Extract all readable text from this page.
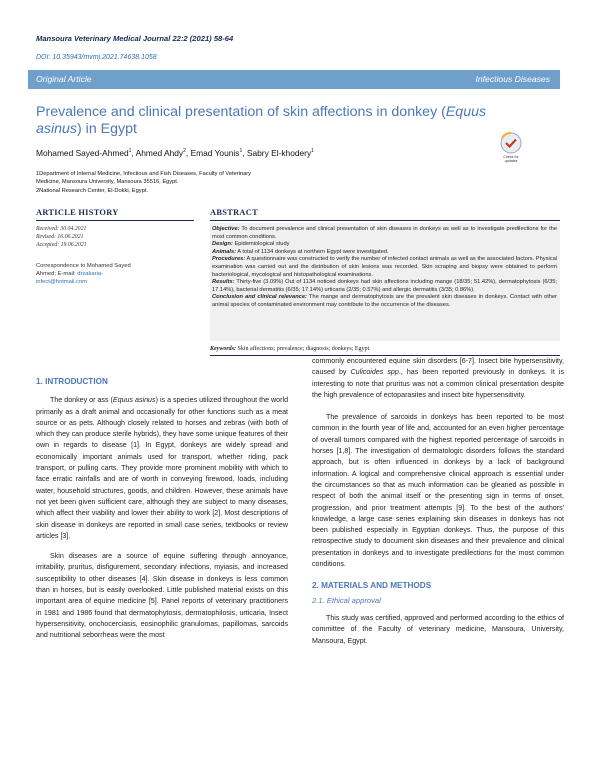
Mansoura Veterinary Medical Journal 22:2 (2021) 58-64
DOI: 10.35943/mvmj.2021.74638.1058
Original Article	Infectious Diseases
Prevalence and clinical presentation of skin affections in donkey (Equus asinus) in Egypt
Check for
updates
Mohamed Sayed-Ahmed$^1$, Ahmed Ahdy$^2$, Emad Younis$^1$, Sabry El-khodery$^1$
1Department of Internal Medicine, Infectious and Fish Diseases, Faculty of Veterinary
Medicine, Mansoura University, Mansoura 35516, Egypt.
2National Research Center, El-Dokki, Egypt.
ARTICLE HISTORY
Received: 30.04.2021
Revised: 16.06.2021
Accepted: 19.06.2021
Correspondence to Mohamed Sayed
Ahmed; E-mail: drzakaria-
infect@hotmail.com
ABSTRACT

Objective: To document prevalence and clinical presentation of skin diseases in donkeys as well as to investigate predilections for the most common conditions.

Design: Epidemiological study

Animals: A total of 1134 donkeys at northern Egypt were investigated.

Procedures: A questionnaire was constructed to verify the number of infected contact animals as well as the associated factors. Physical examination was carried out and the distribution of skin lesions was recorded. Skin scraping and biopsy were obtained to perform bacteriological, mycological and histopathological examinations.

Results: Thirty-five (3.09%) Out of 1134 noticed donkeys had skin affections including mange (18/35; 51.42%), dermatophytosis (6/35; 17.14%), bacterial dermatitis (6/35; 17.14%) urticaria (2/35; 0.57%) and allergic dermatitis (3/35; 0.86%).

Conclusion and clinical relevance: The mange and dermatophytosis are the prevalent skin diseases in donkeys. Contact with other animal species of contaminated environment may contribute to the occurrence of the diseases.

Keywords: Skin affections; prevalence; diagnosis; donkeys; Egypt
1. INTRODUCTION

The donkey or ass (Equus asinus) is a species utilized throughout the world primarily as a draft animal and occasionally for other functions such as a meat source or as pets. Although closely related to horses and zebras (with both of which they can produce sterile hybrids), they have some unique features of their own in regards to disease [1]. In Egypt, donkeys are widely spread and economically important animals used for transport, whether riding, pack transport, or pulling carts. They provide more prominent mobility with which to face erratic rainfalls and are of worth in conveying firewood, loads, including water, household structures, goods, and children. However, these animals have not yet been given sufficient care, although they are subject to many diseases, which affect their viability and lower their ability to work [2]. Most descriptions of skin disease in donkeys are reported in small case series, textbooks or review articles [3].

Skin diseases are a source of equine suffering through annoyance, irritability, pruritus, disfigurement, secondary infections, myiasis, and increased susceptibility to other diseases [4]. Skin disease in donkeys is less common than in horses, but is easily overlooked. Little published material exists on this important area of equine medicine [5]. Panel reports of veterinary practitioners in 1981 and 1986 found that dermatophytosis, dermatophilosis, urticaria, Insect hypersensitivity, onchocerciasis, eosinophilic granulomas, papillomas, sarcoids and nutritional seborrheas were the most

commonly encountered equine skin disorders [6-7]. Insect bite hypersensitivity, caused by Culicoides spp., has been reported previously in donkeys. It is interesting to note that pruritus was not a common clinical presentation despite the high prevalence of ectoparasites and insect bite hypersensitivity.

The prevalence of sarcoids in donkeys has been reported to be most common in the fourth year of life and, accounted for an even higher percentage of overall tumors compared with the highest reported percentage of sarcoids in horses [1,8]. The investigation of dermatologic disorders follows the standard approach, but is often influenced in donkeys by a lack of background information. A logical and comprehensive clinical approach is essential under the circumstances so that as much information can be gleaned as possible in respect of both the animal itself or the presenting sign in terms of onset, progression, and prior treatment attempts [9]. To the best of the authors' knowledge, a large case series explaining skin diseases in donkeys has not been published especially in Egyptian donkeys. Thus, the purpose of this retrospective study to document skin diseases and their prevalence and clinical presentation in donkeys and to investigate predilections for the most common conditions.

2. MATERIALS AND METHODS
2.1. Ethical approval

This study was certified, approved and performed according to the ethics of committee of the Faculty of veterinary medicine, Mansoura, University, Mansoura, Egypt.
